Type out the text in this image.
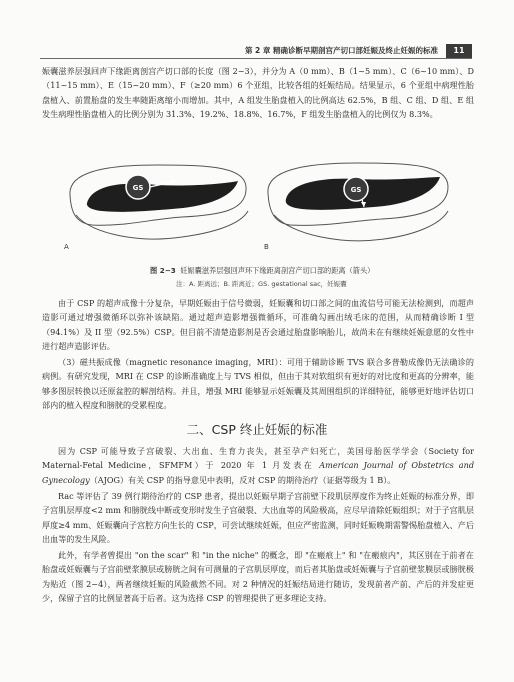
第 2 章 精确诊断早期剖宫产切口部妊娠及终止妊娠的标准	11

娠囊滋养层强回声下缘距离剖宫产切口部的长度（图 2−3），并分为 A（0 mm）、B（1~5 mm）、C（6~10 mm）、D（11~15 mm）、E（15~20 mm）、F（≥20 mm）6 个亚组，比较各组的妊娠结局。结果显示，6 个亚组中病理性胎盘植入、前置胎盘的发生率随距离缩小而增加。其中，A 组发生胎盘植入的比例高达 62.5%，B 组、C 组、D 组、E 组发生病理性胎盘植入的比例分别为 31.3%、19.2%、18.8%、16.7%，F 组发生胎盘植入的比例仅为 8.3%。

GS	GS
A	B
图 2−3 妊娠囊滋养层强回声环下缘距离剖宫产切口部的距离（箭头）
注：A. 距离远；B. 距离近；GS. gestational sac，妊娠囊

由于 CSP 的超声成像十分复杂，早期妊娠由于信号微弱，妊娠囊和切口部之间的血流信号可能无法检测到，而超声造影可通过增强微循环以弥补该缺陷。通过超声造影增强微循环，可准确勾画出绒毛床的范围，从而精确诊断 I 型（94.1%）及 II 型（92.5%）CSP。但目前不清楚造影剂是否会通过胎盘影响胎儿，故尚未在有继续妊娠意愿的女性中进行超声造影评估。

二、CSP 终止妊娠的标准

（3）磁共振成像（magnetic resonance imaging，MRI）：可用于辅助诊断 TVS 联合多普勒成像仍无法确诊的病例。有研究发现，MRI 在 CSP 的诊断准确度上与 TVS 相似，但由于其对软组织有更好的对比度和更高的分辨率，能够多图层转换以还原盆腔的解剖结构。并且，增强 MRI 能够显示妊娠囊及其周围组织的详细特征，能够更好地评估切口部内的植入程度和膀胱的受累程度。

因为 CSP 可能导致子宫破裂、大出血、生育力丧失，甚至孕产妇死亡，美国母胎医学学会（Society for Maternal-Fetal Medicine，SFMFM）于 2020 年 1 月发表在 American Journal of Obstetrics and Gynecology（AJOG）有关 CSP 的指导意见中表明，反对 CSP 的期待治疗（证据等级为 1 B）。

Rac 等评估了 39 例行期待治疗的 CSP 患者，提出以妊娠早期子宫前壁下段肌层厚度作为终止妊娠的标准分界，即子宫肌层厚度<2 mm 和膀胱线中断或变形时发生子宫破裂、大出血等的风险极高，应尽早清除妊娠组织；对于子宫肌层厚度≥4 mm、妊娠囊向子宫腔方向生长的 CSP，可尝试继续妊娠，但应严密监测，同时妊娠晚期需警惕胎盘植入、产后出血等的发生风险。

此外，有学者曾提出 "on the scar" 和 "in the niche" 的概念，即 "在瘢痕上" 和 "在瘢痕内"，其区别在于前者在胎盘或妊娠囊与子宫前壁浆膜层或膀胱之间有可测量的子宫肌层厚度，而后者其胎盘或妊娠囊与子宫前壁浆膜层或膀胱极为贴近（图 2−4），两者继续妊娠的风险截然不同。对 2 种情况的妊娠结局进行随访，发现前者产前、产后的并发症更少，保留子宫的比例显著高于后者。这为选择 CSP 的管理提供了更多理论支持。
